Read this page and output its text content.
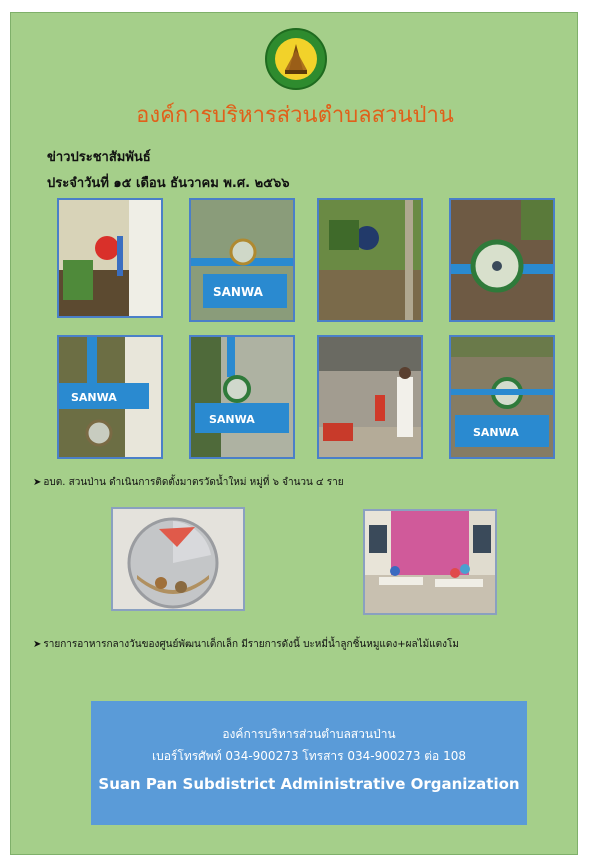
องค์การบริหารส่วนตำบลสวนป่าน
ข่าวประชาสัมพันธ์
ประจำวันที่ ๑๕ เดือน ธันวาคม พ.ศ. ๒๕๖๖
SANWA
SANWA
SANWA
SANWA
➤ อบต. สวนป่าน ดำเนินการติดตั้งมาตรวัดน้ำใหม่ หมู่ที่ ๖ จำนวน ๔ ราย
➤ รายการอาหารกลางวันของศูนย์พัฒนาเด็กเล็ก มีรายการดังนี้ บะหมี่น้ำลูกชิ้นหมูแดง+ผลไม้แตงโม
องค์การบริหารส่วนตำบลสวนป่าน
เบอร์โทรศัพท์ 034-900273 โทรสาร 034-900273 ต่อ 108
Suan Pan Subdistrict Administrative Organization
